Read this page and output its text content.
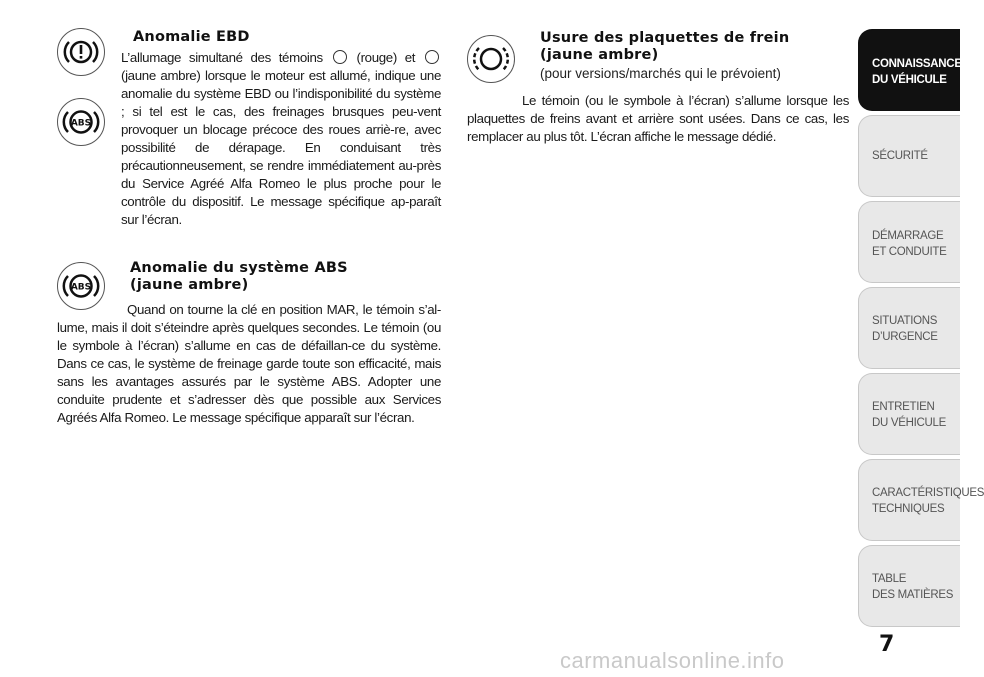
ABS
Anomalie EBD

L’allumage simultané des témoins	(rouge) et  (jaune ambre) lorsque le moteur est allumé, indique une anomalie du système EBD ou l’indisponibilité du système ; si tel est le cas, des freinages brusques peu-vent provoquer un blocage précoce des roues arriè-re, avec possibilité de dérapage. En conduisant très précautionneusement, se rendre immédiatement au-près du Service Agréé Alfa Romeo le plus proche pour le contrôle du dispositif. Le message spécifique ap-paraît sur l’écran.

ABS
Anomalie du système ABS
(jaune ambre)

Quand on tourne la clé en position MAR, le témoin s’al-lume, mais il doit s’éteindre après quelques secondes. Le témoin (ou le symbole à l’écran) s’allume en cas de défaillan-ce du système. Dans ce cas, le système de freinage garde toute son efficacité, mais sans les avantages assurés par le système ABS. Adopter une conduite prudente et s’adresser dès que possible aux Services Agréés Alfa Romeo. Le message spécifique apparaît sur l’écran.

Usure des plaquettes de frein
(jaune ambre)
(pour versions/marchés qui le prévoient)

Le témoin (ou le symbole à l’écran) s’allume lorsque les plaquettes de freins avant et arrière sont usées. Dans ce cas, les remplacer au plus tôt. L’écran affiche le message dédié.

CONNAISSANCE
DU VÉHICULE
SÉCURITÉ
DÉMARRAGE
ET CONDUITE
SITUATIONS
D’URGENCE
ENTRETIEN
DU VÉHICULE
CARACTÉRISTIQUES
TECHNIQUES
TABLE
DES MATIÈRES
7
carmanualsonline.info
